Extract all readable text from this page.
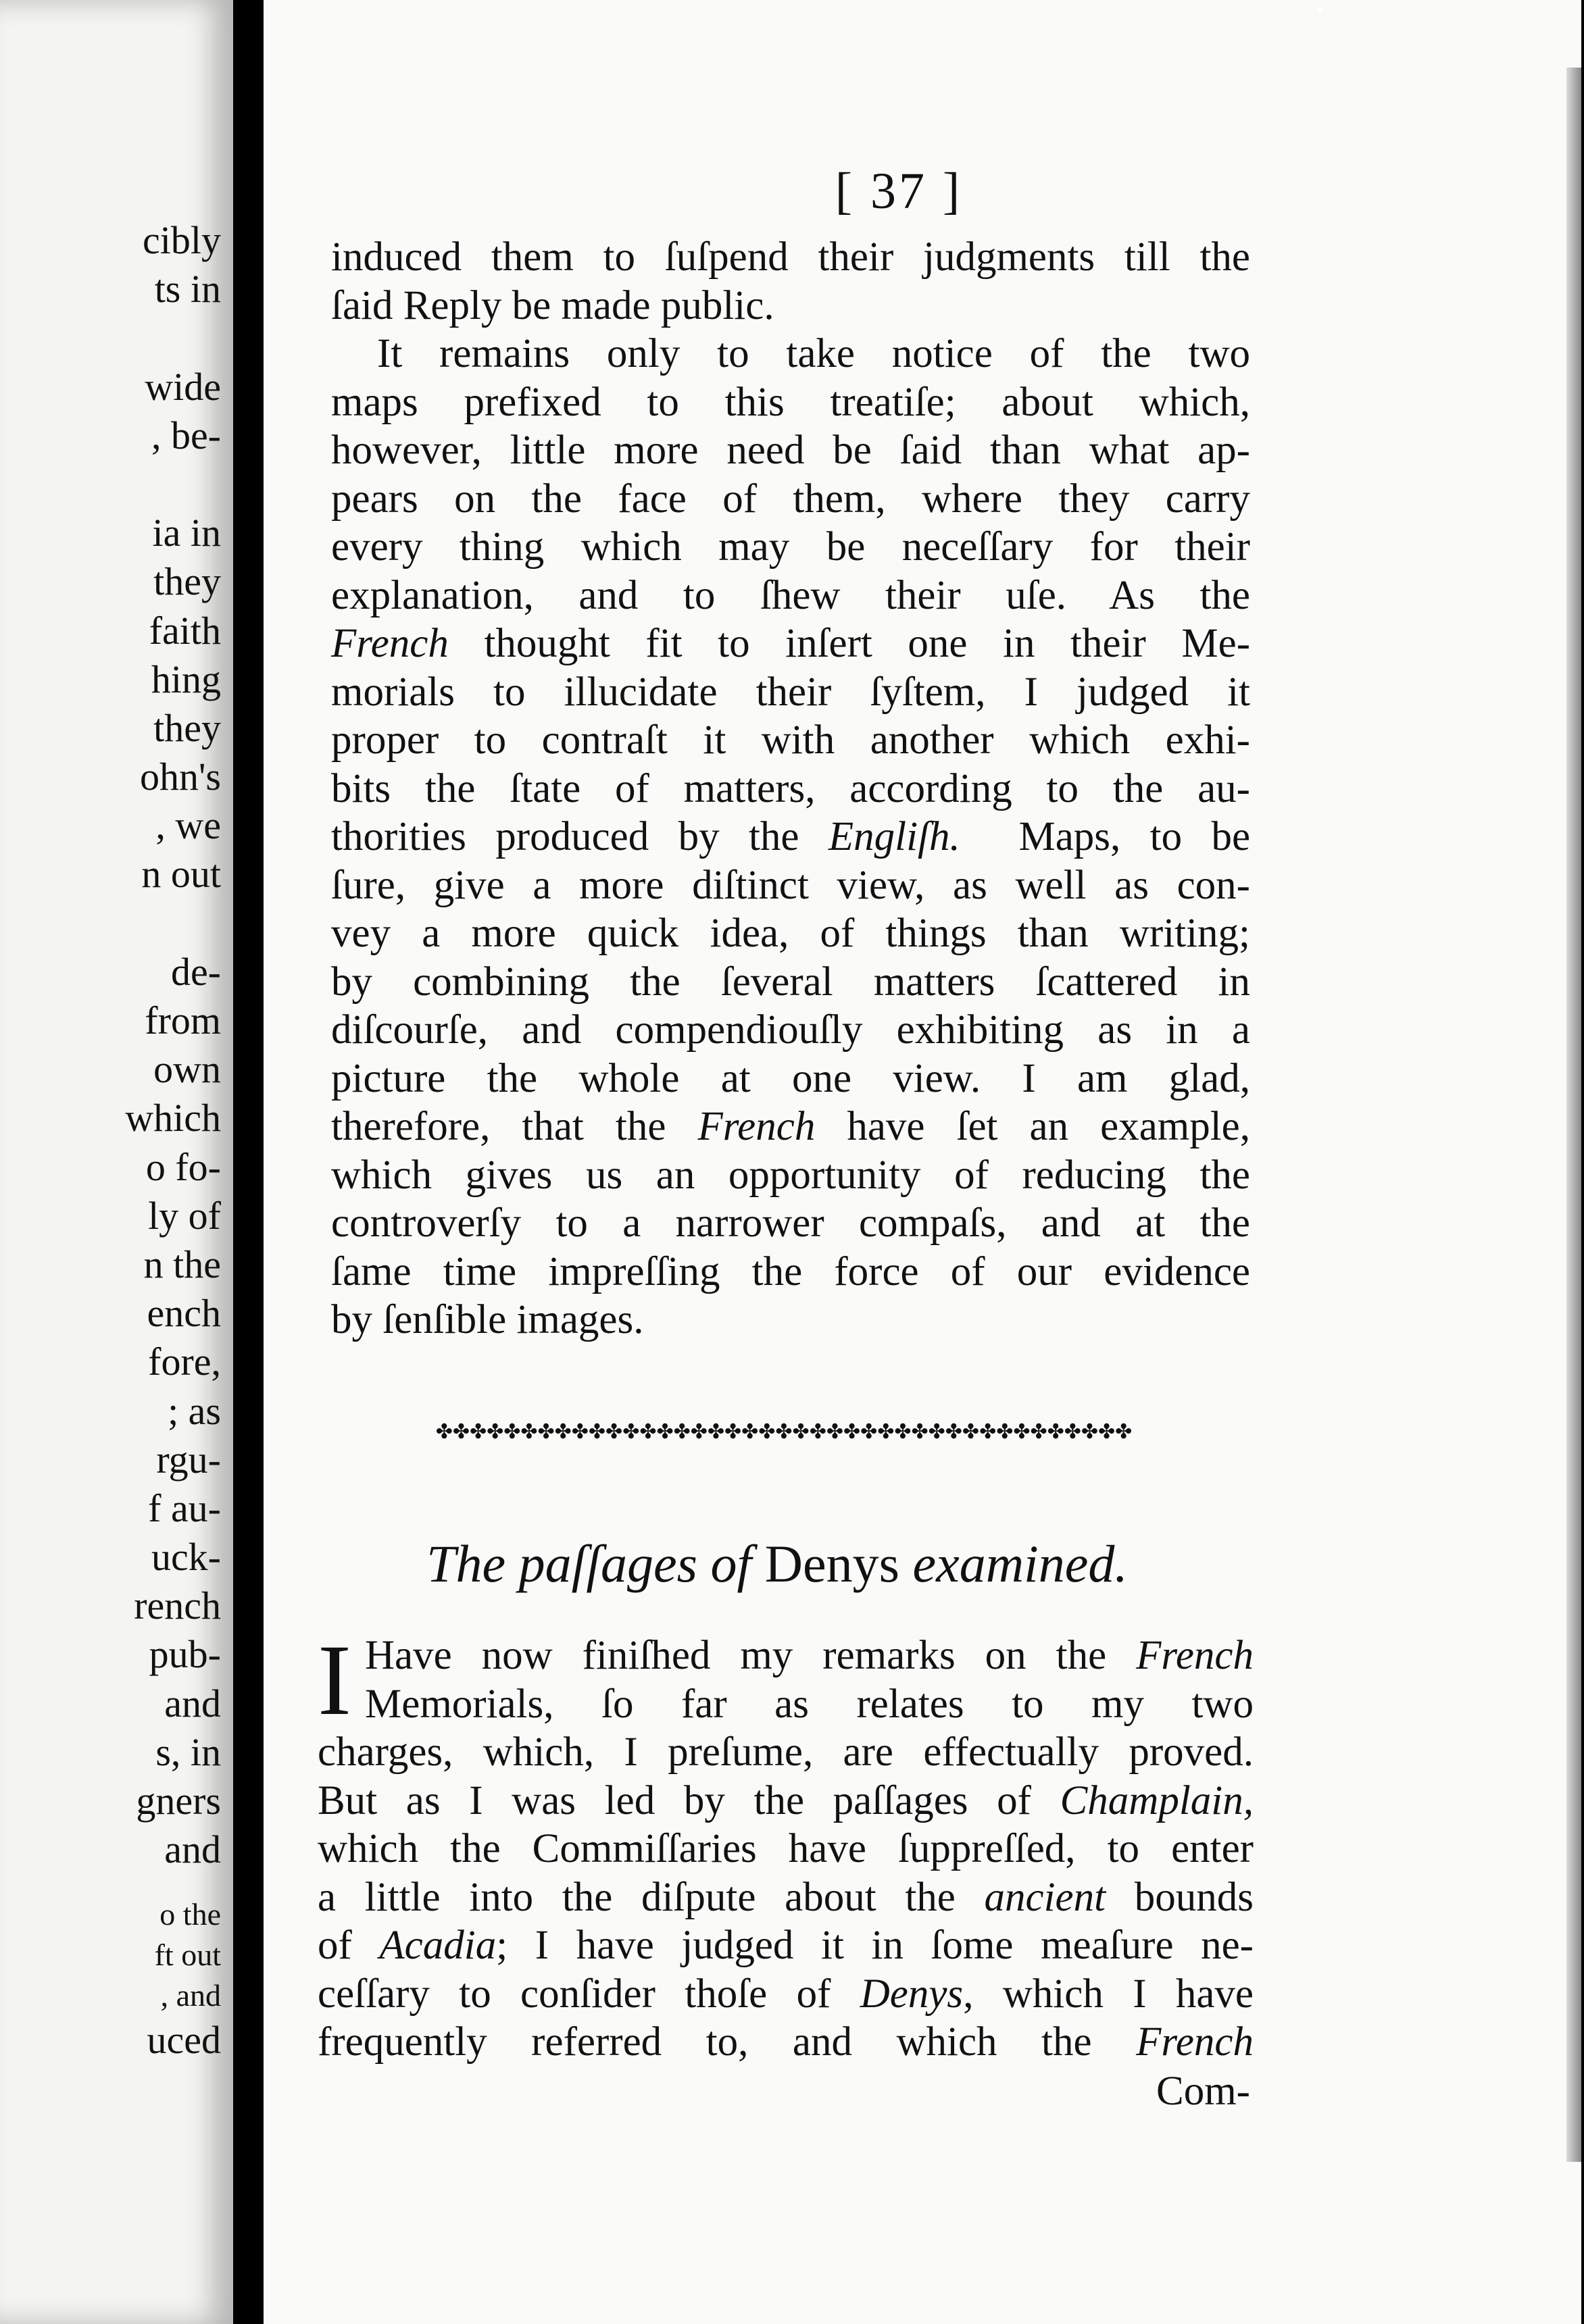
cibly
ts in
wide
, be-
ia in
they
faith
hing
they
ohn's
, we
n out
de-
from
own
which
o fo-
ly of
n the
ench
fore,
; as
rgu-
f au-
uck-
rench
pub-
and
s, in
gners
and
o the
ft out
, and
uced
[ 37 ]
induced them to ſuſpend their judgments till the
ſaid Reply be made public.
It remains only to take notice of the two
maps prefixed to this treatiſe; about which,
however, little more need be ſaid than what ap-
pears on the face of them, where they carry
every thing which may be neceſſary for their
explanation, and to ſhew their uſe. As the
French thought fit to inſert one in their Me-
morials to illucidate their ſyſtem, I judged it
proper to contraſt it with another which exhi-
bits the ſtate of matters, according to the au-
thorities produced by the Engliſh. Maps, to be
ſure, give a more diſtinct view, as well as con-
vey a more quick idea, of things than writing;
by combining the ſeveral matters ſcattered in
diſcourſe, and compendiouſly exhibiting as in a
picture the whole at one view. I am glad,
therefore, that the French have ſet an example,
which gives us an opportunity of reducing the
controverſy to a narrower compaſs, and at the
ſame time impreſſing the force of our evidence
by ſenſible images.
✤✤✤✤✤✤✤✤✤✤✤✤✤✤✤✤✤✤✤✤✤✤✤✤✤✤✤✤✤✤✤✤✤✤✤✤✤✤✤✤✤
The paſſages of Denys examined.
I Have now finiſhed my remarks on the French
Memorials, ſo far as relates to my two
charges, which, I preſume, are effectually proved.
But as I was led by the paſſages of Champlain,
which the Commiſſaries have ſuppreſſed, to enter
a little into the diſpute about the ancient bounds
of Acadia; I have judged it in ſome meaſure ne-
ceſſary to conſider thoſe of Denys, which I have
frequently referred to, and which the French
Com-
